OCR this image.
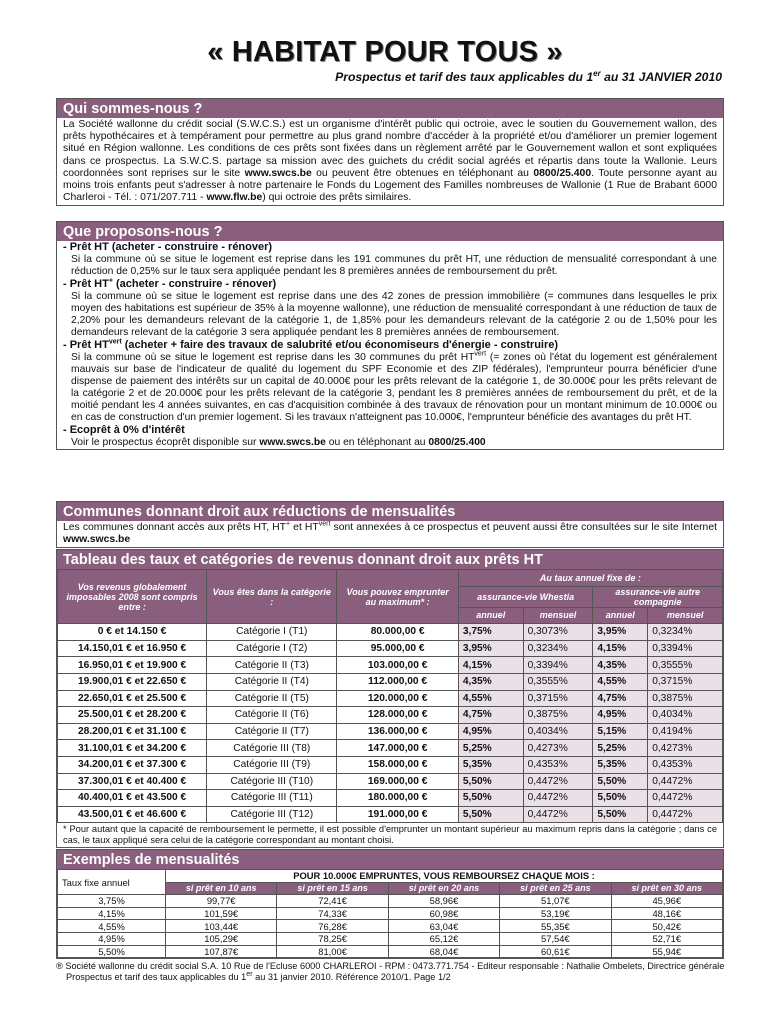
« HABITAT POUR TOUS »
Prospectus et tarif des taux applicables du 1er au 31 JANVIER 2010
Qui sommes-nous ?
La Société wallonne du crédit social (S.W.C.S.) est un organisme d'intérêt public qui octroie, avec le soutien du Gouvernement wallon, des prêts hypothécaires et à tempérament pour permettre au plus grand nombre d'accéder à la propriété et/ou d'améliorer un premier logement situé en Région wallonne. Les conditions de ces prêts sont fixées dans un règlement arrêté par le Gouvernement wallon et sont expliquées dans ce prospectus. La S.W.C.S. partage sa mission avec des guichets du crédit social agréés et répartis dans toute la Wallonie. Leurs coordonnées sont reprises sur le site www.swcs.be ou peuvent être obtenues en téléphonant au 0800/25.400. Toute personne ayant au moins trois enfants peut s'adresser à notre partenaire le Fonds du Logement des Familles nombreuses de Wallonie (1 Rue de Brabant 6000 Charleroi - Tél. : 071/207.711 - www.flw.be) qui octroie des prêts similaires.
Que proposons-nous ?
- Prêt HT (acheter - construire - rénover)
Si la commune où se situe le logement est reprise dans les 191 communes du prêt HT, une réduction de mensualité correspondant à une réduction de 0,25% sur le taux sera appliquée pendant les 8 premières années de remboursement du prêt.
- Prêt HT+ (acheter - construire - rénover)
Si la commune où se situe le logement est reprise dans une des 42 zones de pression immobilière (= communes dans lesquelles le prix moyen des habitations est supérieur de 35% à la moyenne wallonne), une réduction de mensualité correspondant à une réduction de taux de 2,20% pour les demandeurs relevant de la catégorie 1, de 1,85% pour les demandeurs relevant de la catégorie 2 ou de 1,50% pour les demandeurs relevant de la catégorie 3 sera appliquée pendant les 8 premières années de remboursement.
- Prêt $HT^{vert}$ (acheter + faire des travaux de salubrité et/ou économiseurs d'énergie - construire)
Si la commune où se situe le logement est reprise dans les 30 communes du prêt $HT^{vert}$ (= zones où l'état du logement est généralement mauvais sur base de l'indicateur de qualité du logement du SPF Economie et des ZIP fédérales), l'emprunteur pourra bénéficier d'une dispense de paiement des intérêts sur un capital de 40.000€ pour les prêts relevant de la catégorie 1, de 30.000€ pour les prêts relevant de la catégorie 2 et de 20.000€ pour les prêts relevant de la catégorie 3, pendant les 8 premières années de remboursement du prêt, et de la moitié pendant les 4 années suivantes, en cas d'acquisition combinée à des travaux de rénovation pour un montant minimum de 10.000€ ou en cas de construction d'un premier logement. Si les travaux n'atteignent pas 10.000€, l'emprunteur bénéficie des avantages du prêt HT.
- Ecoprêt à 0% d'intérêt
Voir le prospectus écoprêt disponible sur www.swcs.be ou en téléphonant au 0800/25.400
Communes donnant droit aux réductions de mensualités
Les communes donnant accès aux prêts HT, HT+ et $HT^{vert}$ sont annexées à ce prospectus et peuvent aussi être consultées sur le site Internet www.swcs.be
Tableau des taux et catégories de revenus donnant droit aux prêts HT
Vos revenus globalement imposables 2008 sont compris entre :	Vous êtes dans la catégorie :	Vous pouvez emprunter au maximum* :	Au taux annuel fixe de :			
			assurance-vie Whestia		assurance-vie autre compagnie	
			annuel	mensuel	annuel	mensuel
0 € et 14.150 €	Catégorie I (T1)	80.000,00 €	3,75%	0,3073%	3,95%	0,3234%
14.150,01 € et 16.950 €	Catégorie I (T2)	95.000,00 €	3,95%	0,3234%	4,15%	0,3394%
16.950,01 € et 19.900 €	Catégorie II (T3)	103.000,00 €	4,15%	0,3394%	4,35%	0,3555%
19.900,01 € et 22.650 €	Catégorie II (T4)	112.000,00 €	4,35%	0,3555%	4,55%	0,3715%
22.650,01 € et 25.500 €	Catégorie II (T5)	120.000,00 €	4,55%	0,3715%	4,75%	0,3875%
25.500,01 € et 28.200 €	Catégorie II (T6)	128.000,00 €	4,75%	0,3875%	4,95%	0,4034%
28.200,01 € et 31.100 €	Catégorie II (T7)	136.000,00 €	4,95%	0,4034%	5,15%	0,4194%
31.100,01 € et 34.200 €	Catégorie III (T8)	147.000,00 €	5,25%	0,4273%	5,25%	0,4273%
34.200,01 € et 37.300 €	Catégorie III (T9)	158.000,00 €	5,35%	0,4353%	5,35%	0,4353%
37.300,01 € et 40.400 €	Catégorie III (T10)	169.000,00 €	5,50%	0,4472%	5,50%	0,4472%
40.400,01 € et 43.500 €	Catégorie III (T11)	180.000,00 €	5,50%	0,4472%	5,50%	0,4472%
43.500,01 € et 46.600 €	Catégorie III (T12)	191.000,00 €	5,50%	0,4472%	5,50%	0,4472%
* Pour autant que la capacité de remboursement le permette, il est possible d'emprunter un montant supérieur au maximum repris dans la catégorie ; dans ce cas, le taux appliqué sera celui de la catégorie correspondant au montant choisi.
Exemples de mensualités
Taux fixe annuel	POUR 10.000€ EMPRUNTES, VOUS REMBOURSEZ CHAQUE MOIS :				
	si prêt en 10 ans	si prêt en 15 ans	si prêt en 20 ans	si prêt en 25 ans	si prêt en 30 ans
3,75%	99,77€	72,41€	58,96€	51,07€	45,96€
4,15%	101,59€	74,33€	60,98€	53,19€	48,16€
4,55%	103,44€	76,28€	63,04€	55,35€	50,42€
4,95%	105,29€	78,25€	65,12€	57,54€	52,71€
5,50%	107,87€	81,00€	68,04€	60,61€	55,94€
® Société wallonne du crédit social S.A. 10 Rue de l'Ecluse 6000 CHARLEROI - RPM : 0473.771.754 - Editeur responsable : Nathalie Ombelets, Directrice générale
Prospectus et tarif des taux applicables du 1er au 31 janvier 2010. Référence 2010/1. Page 1/2
